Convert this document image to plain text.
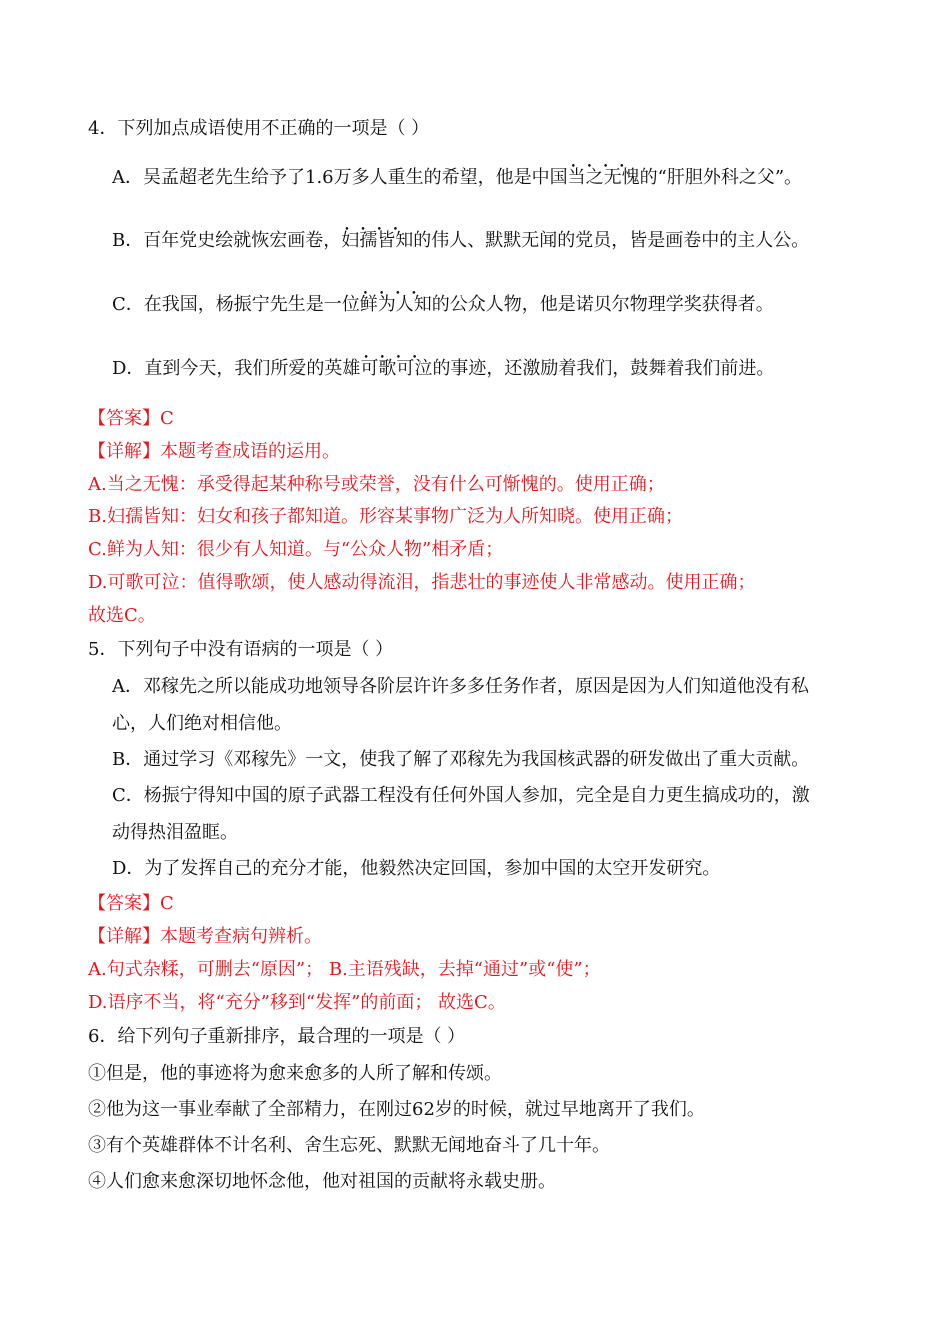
4．下列加点成语使用不正确的一项是（ ）
A．吴孟超老先生给予了1.6万多人重生的希望，他是中国• • • • 当之无愧的“肝胆外科之父”。
B．百年党史绘就恢宏画卷，• • • • 妇孺皆知的伟人、默默无闻的党员，皆是画卷中的主人公。
C．在我国，杨振宁先生是一位• • • • 鲜为人知的公众人物，他是诺贝尔物理学奖获得者。
D．直到今天，我们所爱的英雄• • • • 可歌可泣的事迹，还激励着我们，鼓舞着我们前进。
【答案】C
【详解】本题考查成语的运用。
A.当之无愧：承受得起某种称号或荣誉，没有什么可惭愧的。使用正确；
B.妇孺皆知：妇女和孩子都知道。形容某事物广泛为人所知晓。使用正确；
C.鲜为人知：很少有人知道。与“公众人物”相矛盾；
D.可歌可泣：值得歌颂，使人感动得流泪，指悲壮的事迹使人非常感动。使用正确；
故选C。
5．下列句子中没有语病的一项是（ ）
A．邓稼先之所以能成功地领导各阶层许许多多任务作者，原因是因为人们知道他没有私
心，人们绝对相信他。
B．通过学习《邓稼先》一文，使我了解了邓稼先为我国核武器的研发做出了重大贡献。
C．杨振宁得知中国的原子武器工程没有任何外国人参加，完全是自力更生搞成功的，激
动得热泪盈眶。
D．为了发挥自己的充分才能，他毅然决定回国，参加中国的太空开发研究。
【答案】C
【详解】本题考查病句辨析。
A.句式杂糅，可删去“原因”； B.主语残缺，去掉“通过”或“使”；
D.语序不当，将“充分”移到“发挥”的前面； 故选C。
6．给下列句子重新排序，最合理的一项是（ ）
①但是，他的事迹将为愈来愈多的人所了解和传颂。
②他为这一事业奉献了全部精力，在刚过62岁的时候，就过早地离开了我们。
③有个英雄群体不计名利、舍生忘死、默默无闻地奋斗了几十年。
④人们愈来愈深切地怀念他，他对祖国的贡献将永载史册。
